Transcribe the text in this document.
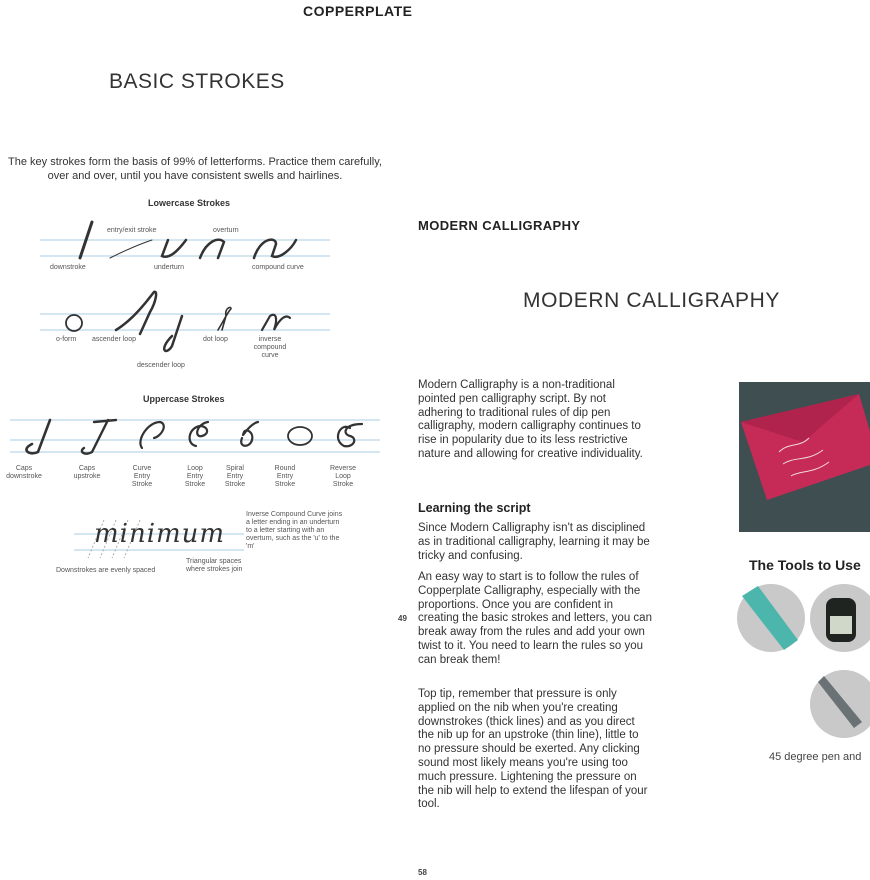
COPPERPLATE
BASIC STROKES
The key strokes form the basis of 99% of letterforms. Practice them carefully, over and over, until you have consistent swells and hairlines.
Lowercase Strokes
entry/exit stroke	overturn
downstroke	underturn	compound curve
o-form ascender loop	dot loop	inverse compound curve
descender loop
Uppercase Strokes
Caps downstroke
Caps upstroke
Curve Entry Stroke
Loop Entry Stroke
Spiral Entry Stroke
Round Entry Stroke
Reverse Loop Stroke
minimum
Inverse Compound Curve joins a letter ending in an underturn to a letter starting with an overturn, such as the 'u' to the 'm'
Triangular spaces where strokes join
Downstrokes are evenly spaced
MODERN CALLIGRAPHY
MODERN CALLIGRAPHY
Modern Calligraphy is a non-traditional pointed pen calligraphy script. By not adhering to traditional rules of dip pen calligraphy, modern calligraphy continues to rise in popularity due to its less restrictive nature and allowing for creative individuality.
Learning the script
Since Modern Calligraphy isn't as disciplined as in traditional calligraphy, learning it may be tricky and confusing.
An easy way to start is to follow the rules of Copperplate Calligraphy, especially with the proportions. Once you are confident in creating the basic strokes and letters, you can break away from the rules and add your own twist to it. You need to learn the rules so you can break them!
Top tip, remember that pressure is only applied on the nib when you're creating downstrokes (thick lines) and as you direct the nib up for an upstroke (thin line), little to no pressure should be exerted. Any clicking sound most likely means you're using too much pressure. Lightening the pressure on the nib will help to extend the lifespan of your tool.
49
58
The Tools to Use
45 degree pen and
